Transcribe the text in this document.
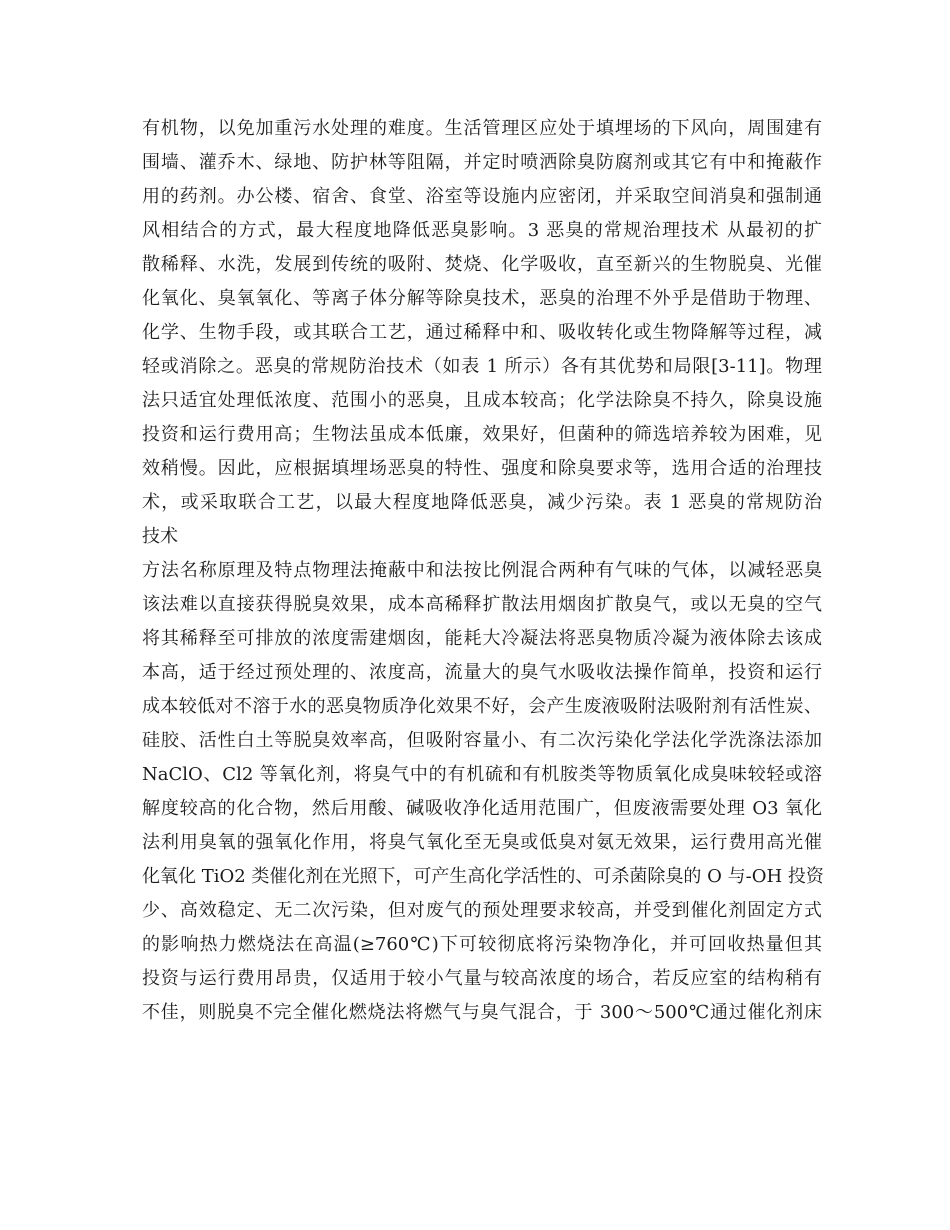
有机物，以免加重污水处理的难度。生活管理区应处于填埋场的下风向，周围建有
围墙、灌乔木、绿地、防护林等阻隔，并定时喷洒除臭防腐剂或其它有中和掩蔽作
用的药剂。办公楼、宿舍、食堂、浴室等设施内应密闭，并采取空间消臭和强制通
风相结合的方式，最大程度地降低恶臭影响。3 恶臭的常规治理技术 从最初的扩
散稀释、水洗，发展到传统的吸附、焚烧、化学吸收，直至新兴的生物脱臭、光催
化氧化、臭氧氧化、等离子体分解等除臭技术，恶臭的治理不外乎是借助于物理、
化学、生物手段，或其联合工艺，通过稀释中和、吸收转化或生物降解等过程，减
轻或消除之。恶臭的常规防治技术（如表 1 所示）各有其优势和局限[3-11]。物理
法只适宜处理低浓度、范围小的恶臭，且成本较高；化学法除臭不持久，除臭设施
投资和运行费用高；生物法虽成本低廉，效果好，但菌种的筛选培养较为困难，见
效稍慢。因此，应根据填埋场恶臭的特性、强度和除臭要求等，选用合适的治理技
术，或采取联合工艺，以最大程度地降低恶臭，减少污染。表 1 恶臭的常规防治
技术
方法名称原理及特点物理法掩蔽中和法按比例混合两种有气味的气体，以减轻恶臭
该法难以直接获得脱臭效果，成本高稀释扩散法用烟囱扩散臭气，或以无臭的空气
将其稀释至可排放的浓度需建烟囱，能耗大冷凝法将恶臭物质冷凝为液体除去该成
本高，适于经过预处理的、浓度高，流量大的臭气水吸收法操作简单，投资和运行
成本较低对不溶于水的恶臭物质净化效果不好，会产生废液吸附法吸附剂有活性炭、
硅胶、活性白土等脱臭效率高，但吸附容量小、有二次污染化学法化学洗涤法添加
NaClO、Cl2 等氧化剂，将臭气中的有机硫和有机胺类等物质氧化成臭味较轻或溶
解度较高的化合物，然后用酸、碱吸收净化适用范围广，但废液需要处理 O3 氧化
法利用臭氧的强氧化作用，将臭气氧化至无臭或低臭对氨无效果，运行费用高光催
化氧化 TiO2 类催化剂在光照下，可产生高化学活性的、可杀菌除臭的 O 与-OH 投资
少、高效稳定、无二次污染，但对废气的预处理要求较高，并受到催化剂固定方式
的影响热力燃烧法在高温(≥760℃)下可较彻底将污染物净化，并可回收热量但其
投资与运行费用昂贵，仅适用于较小气量与较高浓度的场合，若反应室的结构稍有
不佳，则脱臭不完全催化燃烧法将燃气与臭气混合，于 300～500℃通过催化剂床
